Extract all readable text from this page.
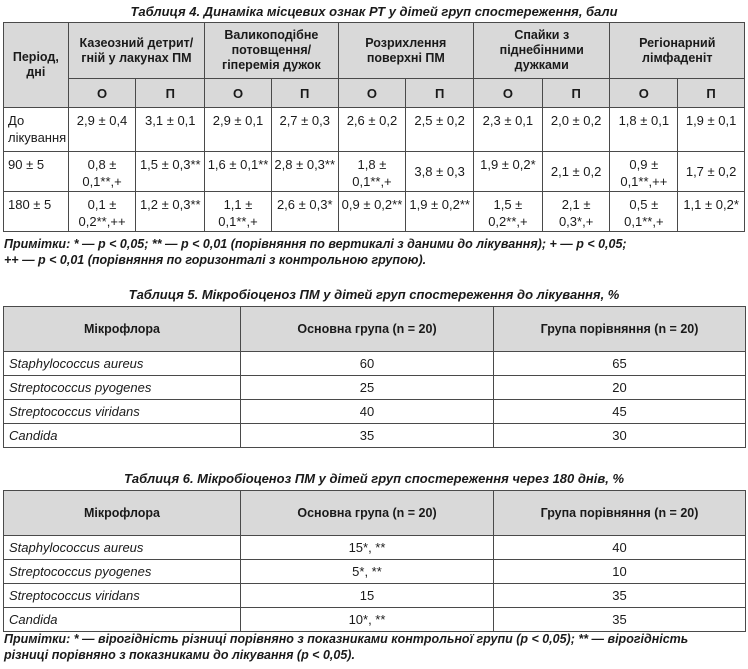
Таблиця 4. Динаміка місцевих ознак РТ у дітей груп спостереження, бали
Період, дні	Казеозний детрит/гній у лакунах ПМ		Валикоподібне потовщення/гіперемія дужок		Розрихлення поверхні ПМ		Спайки з піднебінними дужками		Регіонарний лімфаденіт	
	О	П	О	П	О	П	О	П	О	П
До лікування	2,9 ± 0,4	3,1 ± 0,1	2,9 ± 0,1	2,7 ± 0,3	2,6 ± 0,2	2,5 ± 0,2	2,3 ± 0,1	2,0 ± 0,2	1,8 ± 0,1	1,9 ± 0,1
90 ± 5	0,8 ± 0,1**,+	1,5 ± 0,3**	1,6 ± 0,1**	2,8 ± 0,3**	1,8 ± 0,1**,+	3,8 ± 0,3	1,9 ± 0,2*	2,1 ± 0,2	0,9 ± 0,1**,++	1,7 ± 0,2
180 ± 5	0,1 ± 0,2**,++	1,2 ± 0,3**	1,1 ± 0,1**,+	2,6 ± 0,3*	0,9 ± 0,2**	1,9 ± 0,2**	1,5 ± 0,2**,+	2,1 ± 0,3*,+	0,5 ± 0,1**,+	1,1 ± 0,2*
Примітки: * — p < 0,05; ** — p < 0,01 (порівняння по вертикалі з даними до лікування); + — p < 0,05;
++ — p < 0,01 (порівняння по горизонталі з контрольною групою).
Таблиця 5. Мікробіоценоз ПМ у дітей груп спостереження до лікування, %
Мікрофлора	Основна група (n = 20)	Група порівняння (n = 20)
Staphylococcus aureus	60	65
Streptococcus pyogenes	25	20
Streptococcus viridans	40	45
Candida	35	30
Таблиця 6. Мікробіоценоз ПМ у дітей груп спостереження через 180 днів, %
Мікрофлора	Основна група (n = 20)	Група порівняння (n = 20)
Staphylococcus aureus	15*, **	40
Streptococcus pyogenes	5*, **	10
Streptococcus viridans	15	35
Candida	10*, **	35
Примітки: * — вірогідність різниці порівняно з показниками контрольної групи (p < 0,05); ** — вірогідність
різниці порівняно з показниками до лікування (p < 0,05).
